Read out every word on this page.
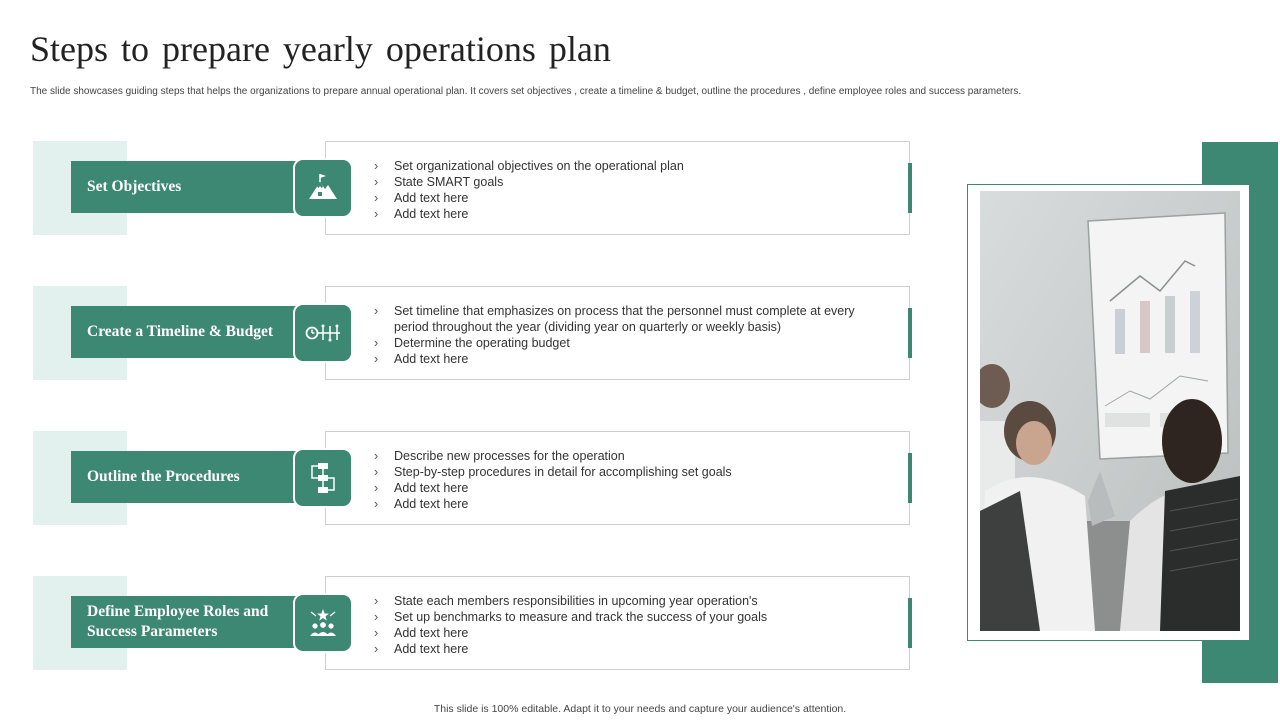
Steps to prepare yearly operations plan
The slide showcases guiding steps that helps the organizations to prepare annual operational plan. It covers set objectives , create a timeline & budget, outline the procedures , define employee roles and success parameters.
› Set organizational objectives on the operational plan
› State SMART goals
› Add text here
› Add text here
Set Objectives
› Set timeline that emphasizes on process that the personnel must complete at every period throughout the year (dividing year on quarterly or weekly basis)
› Determine the operating budget
› Add text here
Create a Timeline & Budget
› Describe new processes for the operation
› Step-by-step procedures in detail for accomplishing set goals
› Add text here
› Add text here
Outline the Procedures
› State each members responsibilities in upcoming year operation's
› Set up benchmarks to measure and track the success of your goals
› Add text here
› Add text here
Define Employee Roles and Success Parameters
This slide is 100% editable. Adapt it to your needs and capture your audience's attention.
